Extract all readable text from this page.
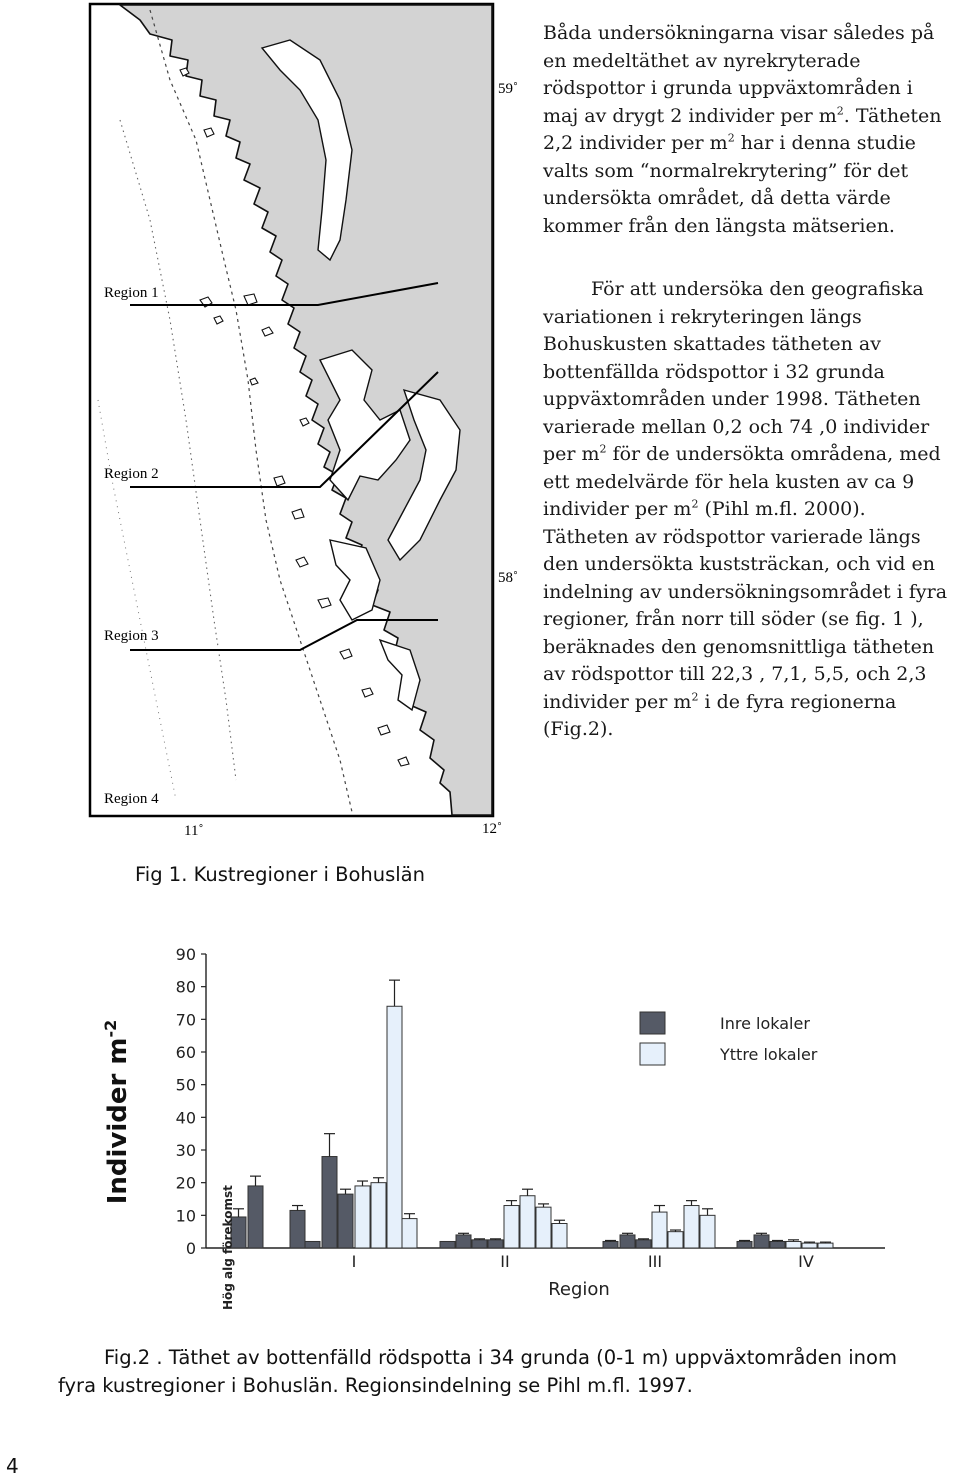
59˚
58˚
Region 1
Region 2
Region 3
Region 4
11˚	12˚
Båda undersökningarna visar således på en medeltäthet av nyrekryterade rödspottor i grunda uppväxtområden i maj av drygt 2 individer per $m^2$. Tätheten 2,2 individer per $m^2$ har i denna studie valts som “normalrekrytering” för det undersökta området, då detta värde kommer från den längsta mätserien.
För att undersöka den geografiska variationen i rekryteringen längs Bohuskusten skattades tätheten av bottenfällda rödspottor i 32 grunda uppväxtområden under 1998. Tätheten varierade mellan 0,2 och 74 ,0 individer per $m^2$ för de undersökta områdena, med ett medelvärde för hela kusten av ca 9 individer per $m^2$ (Pihl m.fl. 2000). Tätheten av rödspottor varierade längs den undersökta kuststräckan, och vid en indelning av undersökningsområdet i fyra regioner, från norr till söder (se fig. 1 ), beräknades den genomsnittliga tätheten av rödspottor till 22,3 , 7,1, 5,5, och 2,3 individer per $m^2$ i de fyra regionerna (Fig.2).
Fig 1. Kustregioner i Bohuslän
Individer $m^{-2}$
0
10
20
30
40
50
60
70
80
90
I	II	III	IV
Region
Hög alg förekomst
Inre lokaler
Yttre lokaler
Fig.2 . Täthet av bottenfälld rödspotta i 34 grunda (0-1 m) uppväxtområden inom
fyra kustregioner i Bohuslän. Regionsindelning se Pihl m.fl. 1997.
4
